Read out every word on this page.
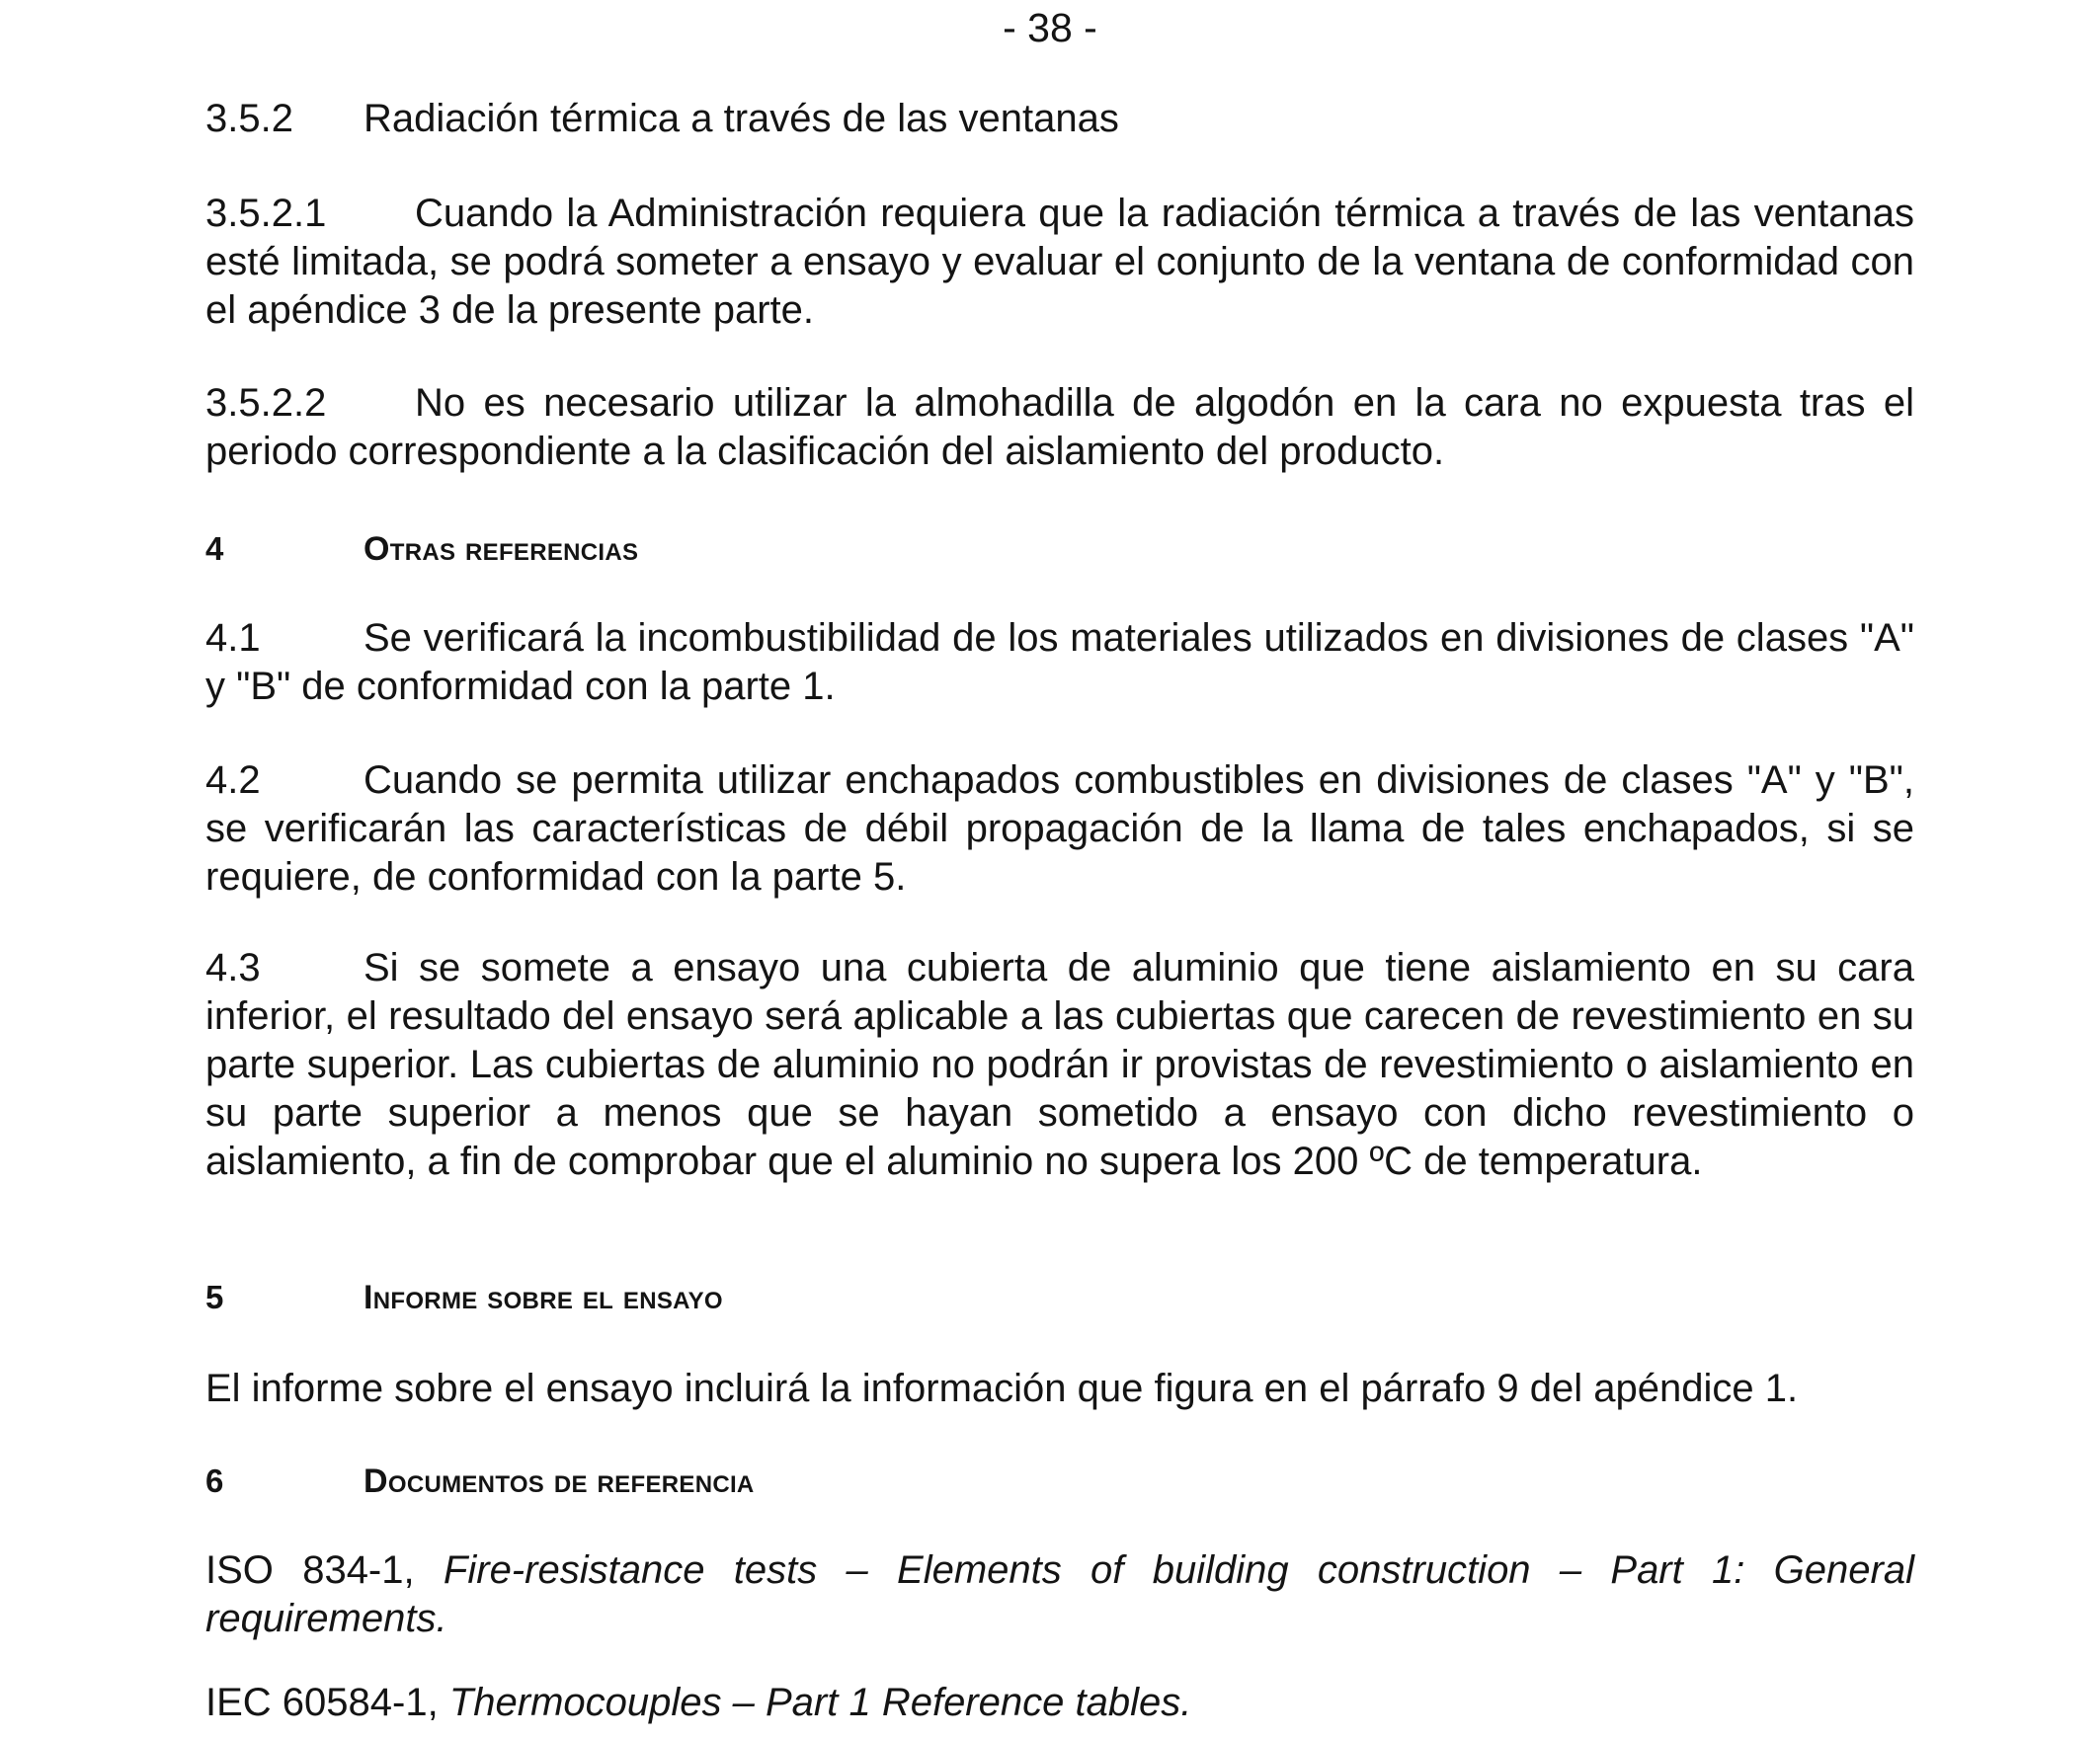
- 38 -
3.5.2 Radiación térmica a través de las ventanas
3.5.2.1 Cuando la Administración requiera que la radiación térmica a través de las ventanas esté limitada, se podrá someter a ensayo y evaluar el conjunto de la ventana de conformidad con el apéndice 3 de la presente parte.
3.5.2.2 No es necesario utilizar la almohadilla de algodón en la cara no expuesta tras el periodo correspondiente a la clasificación del aislamiento del producto.
4	Otras referencias
4.1	Se verificará la incombustibilidad de los materiales utilizados en divisiones de clases "A" y "B" de conformidad con la parte 1.
4.2	Cuando se permita utilizar enchapados combustibles en divisiones de clases "A" y "B", se verificarán las características de débil propagación de la llama de tales enchapados, si se requiere, de conformidad con la parte 5.
4.3	Si se somete a ensayo una cubierta de aluminio que tiene aislamiento en su cara inferior, el resultado del ensayo será aplicable a las cubiertas que carecen de revestimiento en su parte superior. Las cubiertas de aluminio no podrán ir provistas de revestimiento o aislamiento en su parte superior a menos que se hayan sometido a ensayo con dicho revestimiento o aislamiento, a fin de comprobar que el aluminio no supera los 200 ºC de temperatura.
5	Informe sobre el ensayo
El informe sobre el ensayo incluirá la información que figura en el párrafo 9 del apéndice 1.
6	Documentos de referencia
ISO 834-1, Fire-resistance tests – Elements of building construction – Part 1: General requirements.
IEC 60584-1, Thermocouples – Part 1 Reference tables.
